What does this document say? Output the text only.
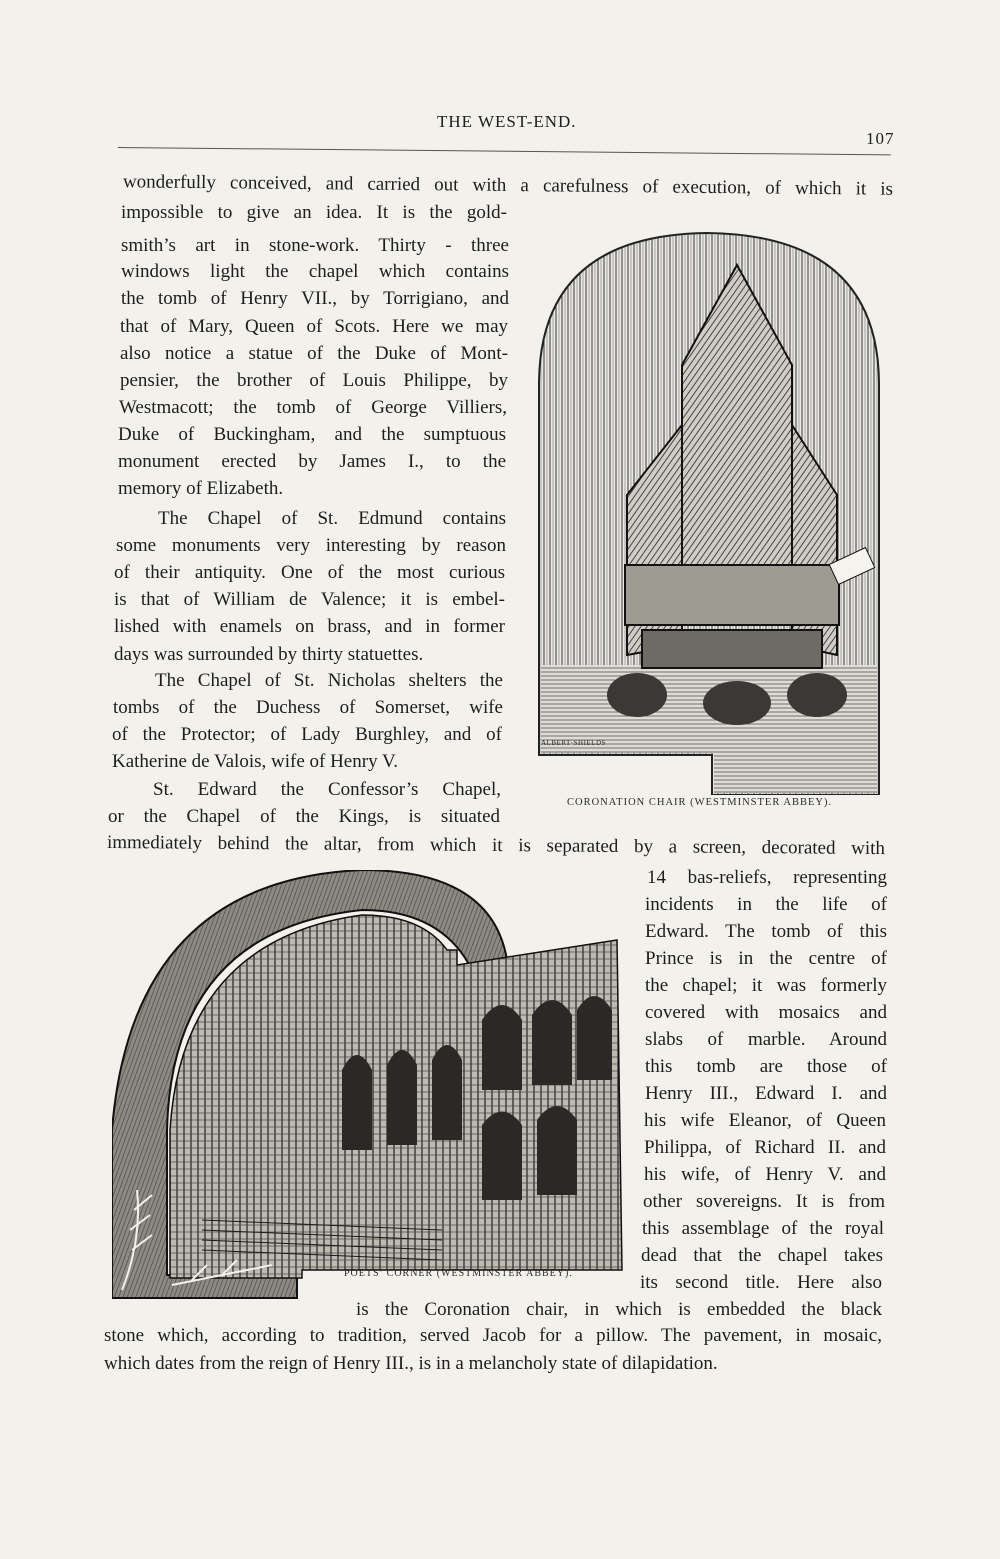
THE WEST-END.
107
wonderfully conceived, and carried out with a carefulness of execution, of which it is
impossible to give an idea. It is the gold-
smith’s art in stone-work. Thirty - three
windows light the chapel which contains
the tomb of Henry VII., by Torrigiano, and
that of Mary, Queen of Scots. Here we may
also notice a statue of the Duke of Mont-
pensier, the brother of Louis Philippe, by
Westmacott; the tomb of George Villiers,
Duke of Buckingham, and the sumptuous
monument erected by James I., to the
memory of Elizabeth.
The Chapel of St. Edmund contains
some monuments very interesting by reason
of their antiquity. One of the most curious
is that of William de Valence; it is embel-
lished with enamels on brass, and in former
days was surrounded by thirty statuettes.
The Chapel of St. Nicholas shelters the
tombs of the Duchess of Somerset, wife
of the Protector; of Lady Burghley, and of
Katherine de Valois, wife of Henry V.
St. Edward the Confessor’s Chapel,
or the Chapel of the Kings, is situated
immediately behind the altar, from which it is separated by a screen, decorated with
14 bas-reliefs, representing
incidents in the life of
Edward. The tomb of this
Prince is in the centre of
the chapel; it was formerly
covered with mosaics and
slabs of marble. Around
this tomb are those of
Henry III., Edward I. and
his wife Eleanor, of Queen
Philippa, of Richard II. and
his wife, of Henry V. and
other sovereigns. It is from
this assemblage of the royal
dead that the chapel takes
its second title. Here also
is the Coronation chair, in which is embedded the black
stone which, according to tradition, served Jacob for a pillow. The pavement, in mosaic,
which dates from the reign of Henry III., is in a melancholy state of dilapidation.
ALBERT·SHIELDS
CORONATION CHAIR (WESTMINSTER ABBEY).
POETS’ CORNER (WESTMINSTER ABBEY).
